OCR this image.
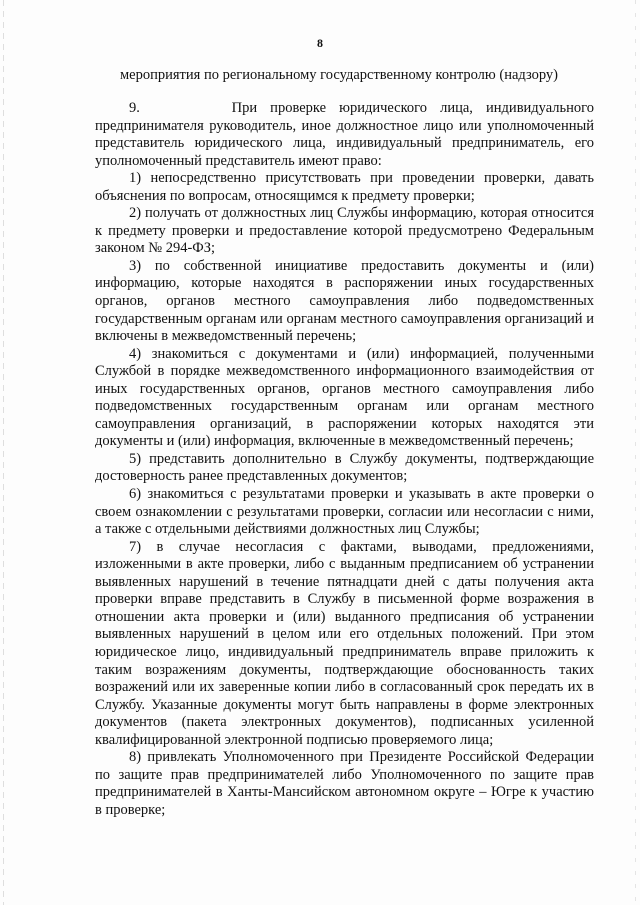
8
мероприятия по региональному государственному контролю (надзору)

9.       При проверке юридического лица, индивидуального предпринимателя руководитель, иное должностное лицо или уполномоченный представитель юридического лица, индивидуальный предприниматель, его уполномоченный представитель имеют право:

1) непосредственно присутствовать при проведении проверки, давать объяснения по вопросам, относящимся к предмету проверки;

2) получать от должностных лиц Службы информацию, которая относится к предмету проверки и предоставление которой предусмотрено Федеральным законом № 294-ФЗ;

3) по собственной инициативе предоставить документы и (или) информацию, которые находятся в распоряжении иных государственных органов, органов местного самоуправления либо подведомственных государственным органам или органам местного самоуправления организаций и включены в межведомственный перечень;

4) знакомиться с документами и (или) информацией, полученными Службой в порядке межведомственного информационного взаимодействия от иных государственных органов, органов местного самоуправления либо подведомственных государственным органам или органам местного самоуправления организаций, в распоряжении которых находятся эти документы и (или) информация, включенные в межведомственный перечень;

5) представить дополнительно в Службу документы, подтверждающие достоверность ранее представленных документов;

6) знакомиться с результатами проверки и указывать в акте проверки о своем ознакомлении с результатами проверки, согласии или несогласии с ними, а также с отдельными действиями должностных лиц Службы;

7) в случае несогласия с фактами, выводами, предложениями, изложенными в акте проверки, либо с выданным предписанием об устранении выявленных нарушений в течение пятнадцати дней с даты получения акта проверки вправе представить в Службу в письменной форме возражения в отношении акта проверки и (или) выданного предписания об устранении выявленных нарушений в целом или его отдельных положений. При этом юридическое лицо, индивидуальный предприниматель вправе приложить к таким возражениям документы, подтверждающие обоснованность таких возражений или их заверенные копии либо в согласованный срок передать их в Службу. Указанные документы могут быть направлены в форме электронных документов (пакета электронных документов), подписанных усиленной квалифицированной электронной подписью проверяемого лица;

8) привлекать Уполномоченного при Президенте Российской Федерации по защите прав предпринимателей либо Уполномоченного по защите прав предпринимателей в Ханты-Мансийском автономном округе – Югре к участию в проверке;
